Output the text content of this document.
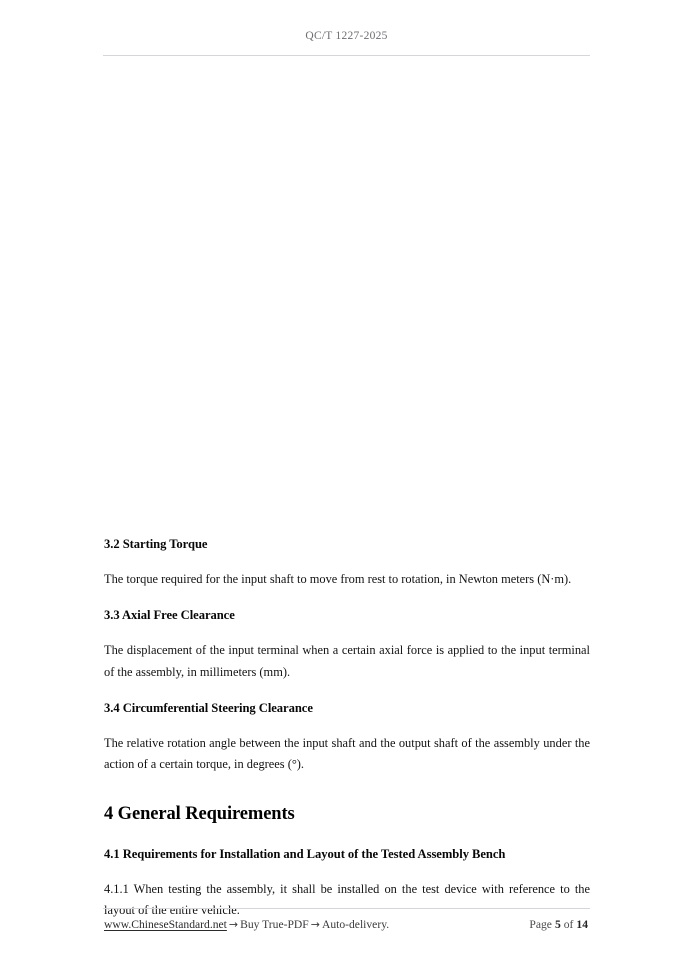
QC/T 1227-2025
3.2 Starting Torque

The torque required for the input shaft to move from rest to rotation, in Newton meters (N·m).

3.3 Axial Free Clearance

The displacement of the input terminal when a certain axial force is applied to the input terminal of the assembly, in millimeters (mm).

3.4 Circumferential Steering Clearance

The relative rotation angle between the input shaft and the output shaft of the assembly under the action of a certain torque, in degrees (°).

4 General Requirements
4.1 Requirements for Installation and Layout of the Tested Assembly Bench

4.1.1 When testing the assembly, it shall be installed on the test device with reference to the layout of the entire vehicle.

www.ChineseStandard.net → Buy True-PDF → Auto-delivery.	Page 5 of 14
